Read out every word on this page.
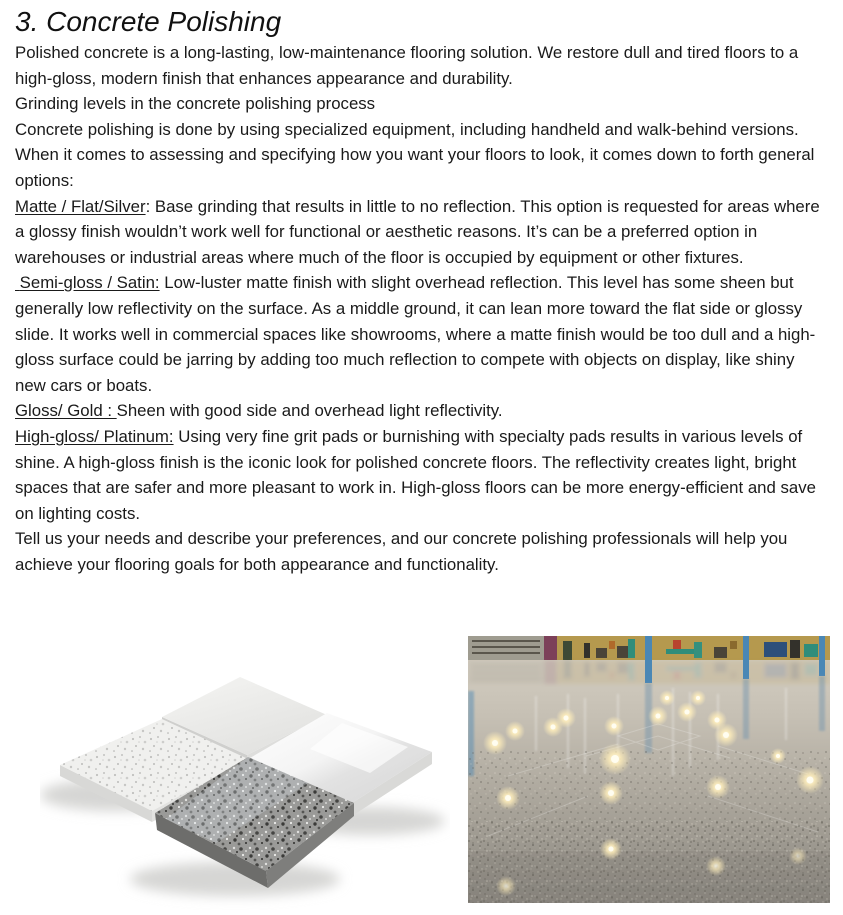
3. Concrete Polishing

Polished concrete is a long-lasting, low-maintenance flooring solution. We restore dull and tired floors to a high-gloss, modern finish that enhances appearance and durability.

Grinding levels in the concrete polishing process

Concrete polishing is done by using specialized equipment, including handheld and walk-behind versions.

When it comes to assessing and specifying how you want your floors to look, it comes down to forth general options:

Matte / Flat/Silver: Base grinding that results in little to no reflection. This option is requested for areas where a glossy finish wouldn’t work well for functional or aesthetic reasons. It’s can be a preferred option in warehouses or industrial areas where much of the floor is occupied by equipment or other fixtures.

Semi-gloss / Satin: Low-luster matte finish with slight overhead reflection. This level has some sheen but generally low reflectivity on the surface. As a middle ground, it can lean more toward the flat side or glossy slide. It works well in commercial spaces like showrooms, where a matte finish would be too dull and a high-gloss surface could be jarring by adding too much reflection to compete with objects on display, like shiny new cars or boats.

Gloss/ Gold : Sheen with good side and overhead light reflectivity.

High-gloss/ Platinum: Using very fine grit pads or burnishing with specialty pads results in various levels of shine. A high-gloss finish is the iconic look for polished concrete floors. The reflectivity creates light, bright spaces that are safer and more pleasant to work in. High-gloss floors can be more energy-efficient and save on lighting costs.

Tell us your needs and describe your preferences, and our concrete polishing professionals will help you achieve your flooring goals for both appearance and functionality.
